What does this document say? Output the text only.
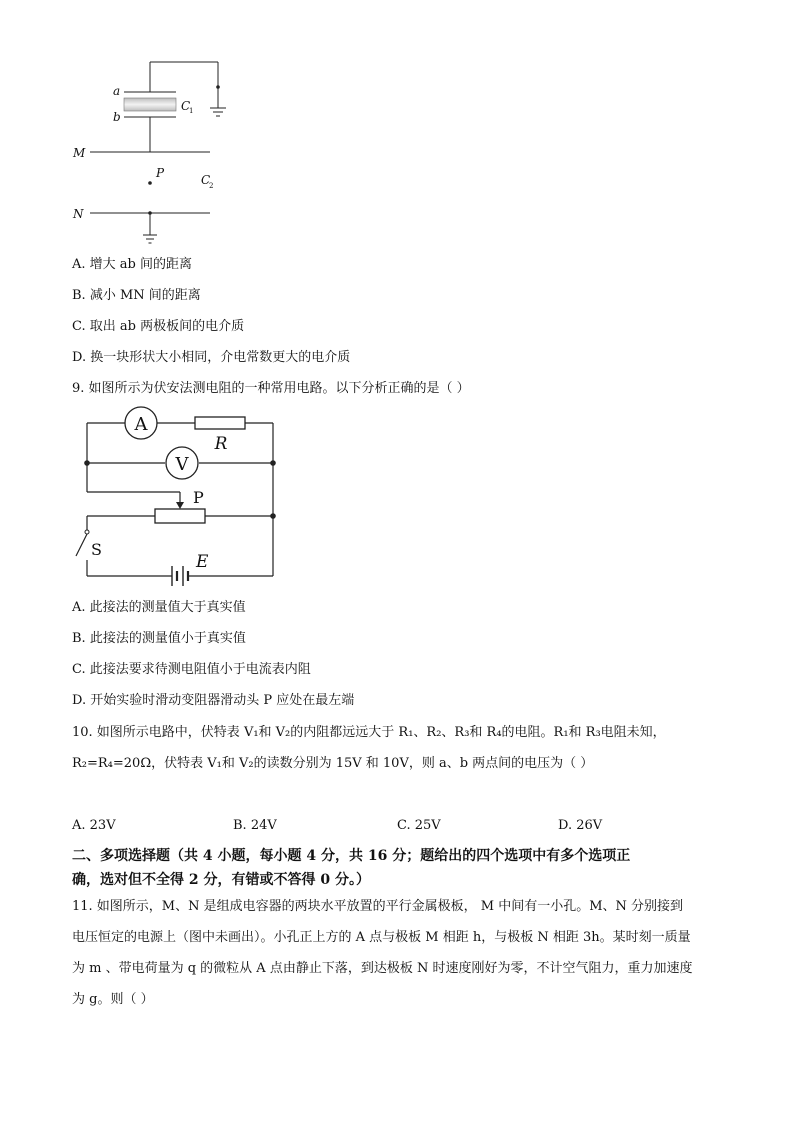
a
b
C
1
M
P	C
2
N
A. 增大 ab 间的距离
B. 减小 MN 间的距离
C. 取出 ab 两极板间的电介质
D. 换一块形状大小相同，介电常数更大的电介质
9. 如图所示为伏安法测电阻的一种常用电路。以下分析正确的是（ ）
A
R
V
P
S
E
A. 此接法的测量值大于真实值
B. 此接法的测量值小于真实值
C. 此接法要求待测电阻值小于电流表内阻
D. 开始实验时滑动变阻器滑动头 P 应处在最左端
10. 如图所示电路中，伏特表 V₁和 V₂的内阻都远远大于 R₁、R₂、R₃和 R₄的电阻。R₁和 R₃电阻未知，
R₂=R₄=20Ω，伏特表 V₁和 V₂的读数分别为 15V 和 10V，则 a、b 两点间的电压为（ ）
A. 23V	B. 24V	C. 25V	D. 26V
二、多项选择题（共 4 小题，每小题 4 分，共 16 分；题给出的四个选项中有多个选项正
确，选对但不全得 2 分，有错或不答得 0 分。）
11. 如图所示，M、N 是组成电容器的两块水平放置的平行金属极板， M 中间有一小孔。M、N 分别接到
电压恒定的电源上（图中未画出）。小孔正上方的 A 点与极板 M 相距 h，与极板 N 相距 3h。某时刻一质量
为 m 、带电荷量为 q 的微粒从 A 点由静止下落，到达极板 N 时速度刚好为零，不计空气阻力，重力加速度
为 g。则（ ）
